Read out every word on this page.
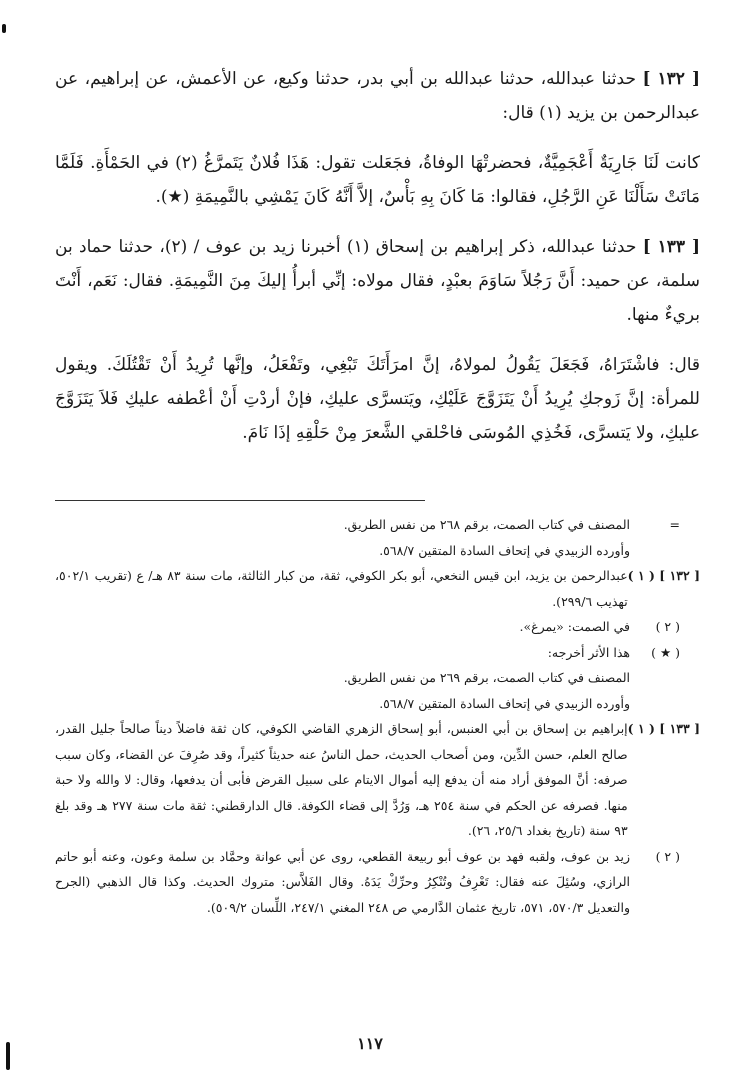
[ ١٣٢ ] حدثنا عبدالله، حدثنا عبدالله بن أبي بدر، حدثنا وكيع، عن الأعمش، عن إبراهيم، عن عبدالرحمن بن يزيد (١) قال:

كانت لَنَا جَارِيَةٌ أَعْجَمِيَّةٌ، فحضرتْهَا الوفاةُ، فجَعَلت تقول: هَذَا فُلانٌ يَتَمرَّغُ (٢) في الحَمْأَةِ. فَلَمَّا مَاتَتْ سَأَلْنَا عَنِ الرَّجُلِ، فقالوا: مَا كَانَ بِهِ بَأْسٌ، إلاَّ أَنَّهُ كَانَ يَمْشِي بالنَّمِيمَةِ (★).

[ ١٣٣ ] حدثنا عبدالله، ذكر إبراهيم بن إسحاق (١) أخبرنا زيد بن عوف / (٢)، حدثنا حماد بن سلمة، عن حميد: أَنَّ رَجُلاً سَاوَمَ بعبْدٍ، فقال مولاه: إنِّي أبرأُ إليكَ مِنَ النَّمِيمَةِ. فقال: نَعَم، أَنْتَ بريءٌ منها.

قال: فاشْتَرَاهُ، فَجَعَلَ يَقُولُ لمولاهُ، إنَّ امرَأَتَكَ تَبْغِي، وتَفْعَلُ، وإنَّها تُرِيدُ أَنْ تَقْتُلَكَ. ويقول للمرأة: إنَّ زَوجكِ يُرِيدُ أَنْ يَتَزَوَّجَ عَلَيْكِ، ويَتسرَّى عليكِ، فإنْ أردْتِ أَنْ أعْطفه عليكِ فَلاَ يَتَزَوَّجَ عليكِ، ولا يَتسرَّى، فَخُذِي المُوسَى فاحْلقي الشَّعرَ مِنْ حَلْقِهِ إذَا نَامَ.

=
المصنف في كتاب الصمت، برقم ٢٦٨ من نفس الطريق.
وأورده الزبيدي في إتحاف السادة المتقين ٥٦٨/٧.
[ ١٣٢ ] ( ١ )
عبدالرحمن بن يزيد، ابن قيس النخعي، أبو بكر الكوفي، ثقة، من كبار الثالثة، مات سنة ٨٣ هـ/ ع (تقريب ٥٠٢/١، تهذيب ٢٩٩/٦).
( ٢ )
في الصمت: «يمرغ».
( ★ )
هذا الأثر أخرجه:
المصنف في كتاب الصمت، برقم ٢٦٩ من نفس الطريق.
وأورده الزبيدي في إتحاف السادة المتقين ٥٦٨/٧.
[ ١٣٣ ] ( ١ )
إبراهيم بن إسحاق بن أبي العنبس، أبو إسحاق الزهري القاضي الكوفي، كان ثقة فاضلاً ديناً صالحاً جليل القدر، صالح العلم، حسن الدِّين، ومن أصحاب الحديث، حمل الناسُ عنه حديثاً كثيراً، وقد صُرِفَ عن القضاء، وكان سبب صرفه: أنَّ الموفق أراد منه أن يدفع إليه أموال الايتام على سبيل القرض فأبى أن يدفعها، وقال: لا والله ولا حبة منها. فصرفه عن الحكم في سنة ٢٥٤ هـ، وَرُدَّ إلى قضاء الكوفة. قال الدارقطني: ثقة مات سنة ٢٧٧ هـ وقد بلغ ٩٣ سنة (تاريخ بغداد ٢٥/٦، ٢٦).
( ٢ )
زيد بن عوف، ولقبه فهد بن عوف أبو ربيعة القطعي، روى عن أبي عوانة وحمَّاد بن سلمة وعون، وعنه أبو حاتم الرازي، وسُئِلَ عنه فقال: تَعْرِفُ وتُنْكِرُ وحرِّكْ يَدَهُ. وقال الفَلاَّس: متروك الحديث. وكذا قال الذهبي (الجرح والتعديل ٥٧٠/٣، ٥٧١، تاريخ عثمان الدَّارمي ص ٢٤٨ المغني ٢٤٧/١، اللِّسان ٥٠٩/٢).
١١٧
